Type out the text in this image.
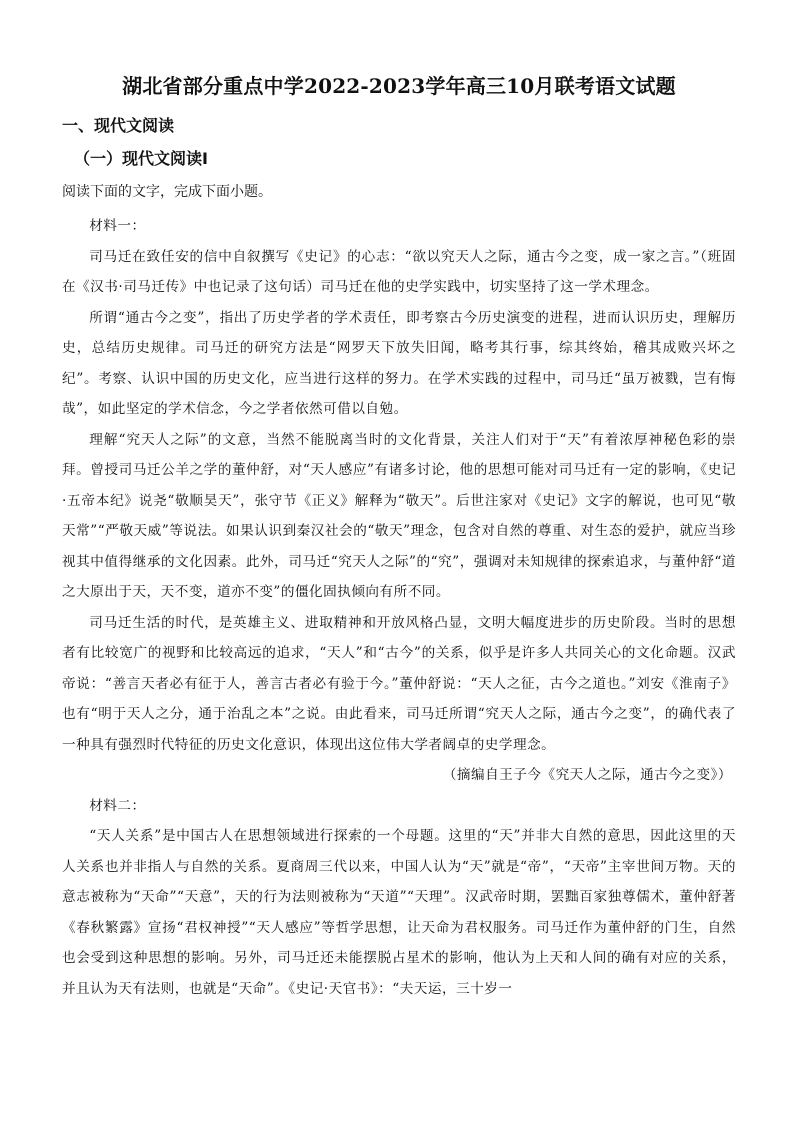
湖北省部分重点中学2022-2023学年高三10月联考语文试题
一、现代文阅读
（一）现代文阅读Ⅰ
阅读下面的文字，完成下面小题。

材料一：

司马迁在致任安的信中自叙撰写《史记》的心志：“欲以究天人之际，通古今之变，成一家之言。”（班固在《汉书·司马迁传》中也记录了这句话）司马迁在他的史学实践中，切实坚持了这一学术理念。

所谓“通古今之变”，指出了历史学者的学术责任，即考察古今历史演变的进程，进而认识历史，理解历史，总结历史规律。司马迁的研究方法是“网罗天下放失旧闻，略考其行事，综其终始，稽其成败兴坏之纪”。考察、认识中国的历史文化，应当进行这样的努力。在学术实践的过程中，司马迁“虽万被戮，岂有悔哉”，如此坚定的学术信念，今之学者依然可借以自勉。

理解“究天人之际”的文意，当然不能脱离当时的文化背景，关注人们对于“天”有着浓厚神秘色彩的崇拜。曾授司马迁公羊之学的董仲舒，对“天人感应”有诸多讨论，他的思想可能对司马迁有一定的影响，《史记·五帝本纪》说尧“敬顺昊天”，张守节《正义》解释为“敬天”。后世注家对《史记》文字的解说，也可见“敬天常”“严敬天威”等说法。如果认识到秦汉社会的“敬天”理念，包含对自然的尊重、对生态的爱护，就应当珍视其中值得继承的文化因素。此外，司马迁“究天人之际”的“究”，强调对未知规律的探索追求，与董仲舒“道之大原出于天，天不变，道亦不变”的僵化固执倾向有所不同。

司马迁生活的时代，是英雄主义、进取精神和开放风格凸显，文明大幅度进步的历史阶段。当时的思想者有比较宽广的视野和比较高远的追求，“天人”和“古今”的关系，似乎是许多人共同关心的文化命题。汉武帝说：“善言天者必有征于人，善言古者必有验于今。”董仲舒说：“天人之征，古今之道也。”刘安《淮南子》也有“明于天人之分，通于治乱之本”之说。由此看来，司马迁所谓“究天人之际，通古今之变”，的确代表了一种具有强烈时代特征的历史文化意识，体现出这位伟大学者阔卓的史学理念。

（摘编自王子今《究天人之际，通古今之变》）

材料二：

“天人关系”是中国古人在思想领域进行探索的一个母题。这里的“天”并非大自然的意思，因此这里的天人关系也并非指人与自然的关系。夏商周三代以来，中国人认为“天”就是“帝”，“天帝”主宰世间万物。天的意志被称为“天命”“天意”，天的行为法则被称为“天道”“天理”。汉武帝时期，罢黜百家独尊儒术，董仲舒著《春秋繁露》宣扬“君权神授”“天人感应”等哲学思想，让天命为君权服务。司马迁作为董仲舒的门生，自然也会受到这种思想的影响。另外，司马迁还未能摆脱占星术的影响，他认为上天和人间的确有对应的关系，并且认为天有法则，也就是“天命”。《史记·天官书》：“夫天运，三十岁一
